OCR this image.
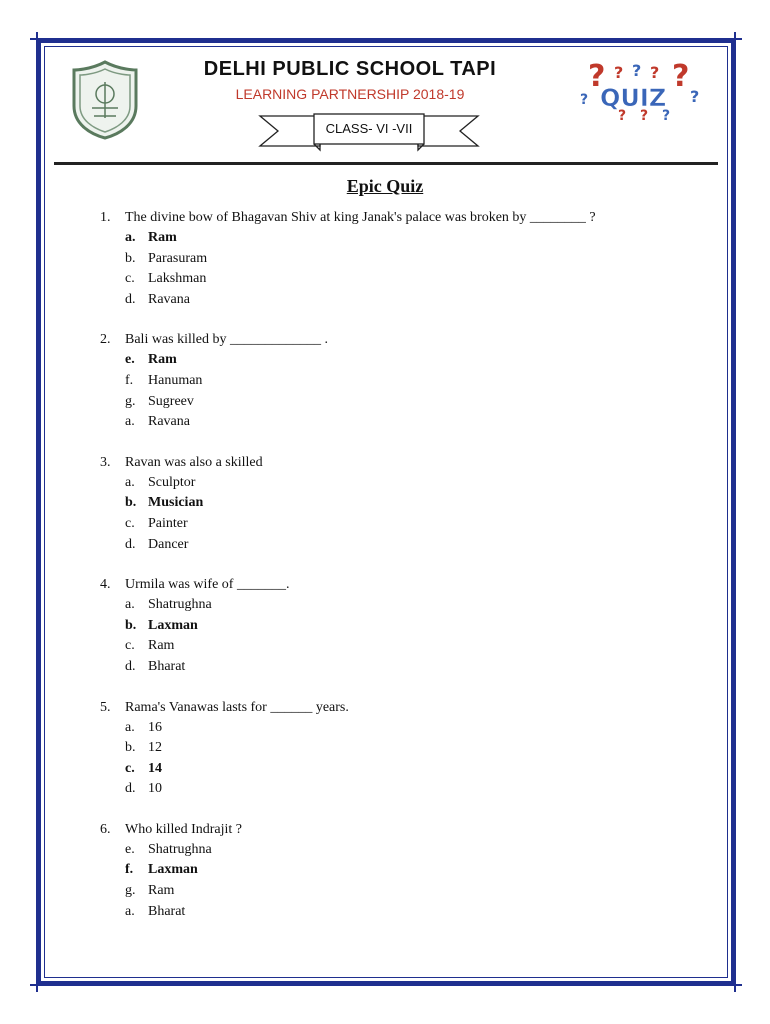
? ? ? ? ?
?	?
? ? ?
QUIZ
DELHI PUBLIC SCHOOL TAPI
LEARNING PARTNERSHIP 2018-19
CLASS- VI -VII
Epic Quiz
1. The divine bow of Bhagavan Shiv at king Janak's palace was broken by ________ ?
a. Ram
b. Parasuram
c. Lakshman
d. Ravana
2. Bali was killed by _____________ .
e. Ram
f. Hanuman
g. Sugreev
a. Ravana
3. Ravan was also a skilled
a. Sculptor
b. Musician
c. Painter
d. Dancer
4. Urmila was wife of _______.
a. Shatrughna
b. Laxman
c. Ram
d. Bharat
5. Rama's Vanawas lasts for ______ years.
a. 16
b. 12
c. 14
d. 10
6. Who killed Indrajit ?
e. Shatrughna
f. Laxman
g. Ram
a. Bharat
